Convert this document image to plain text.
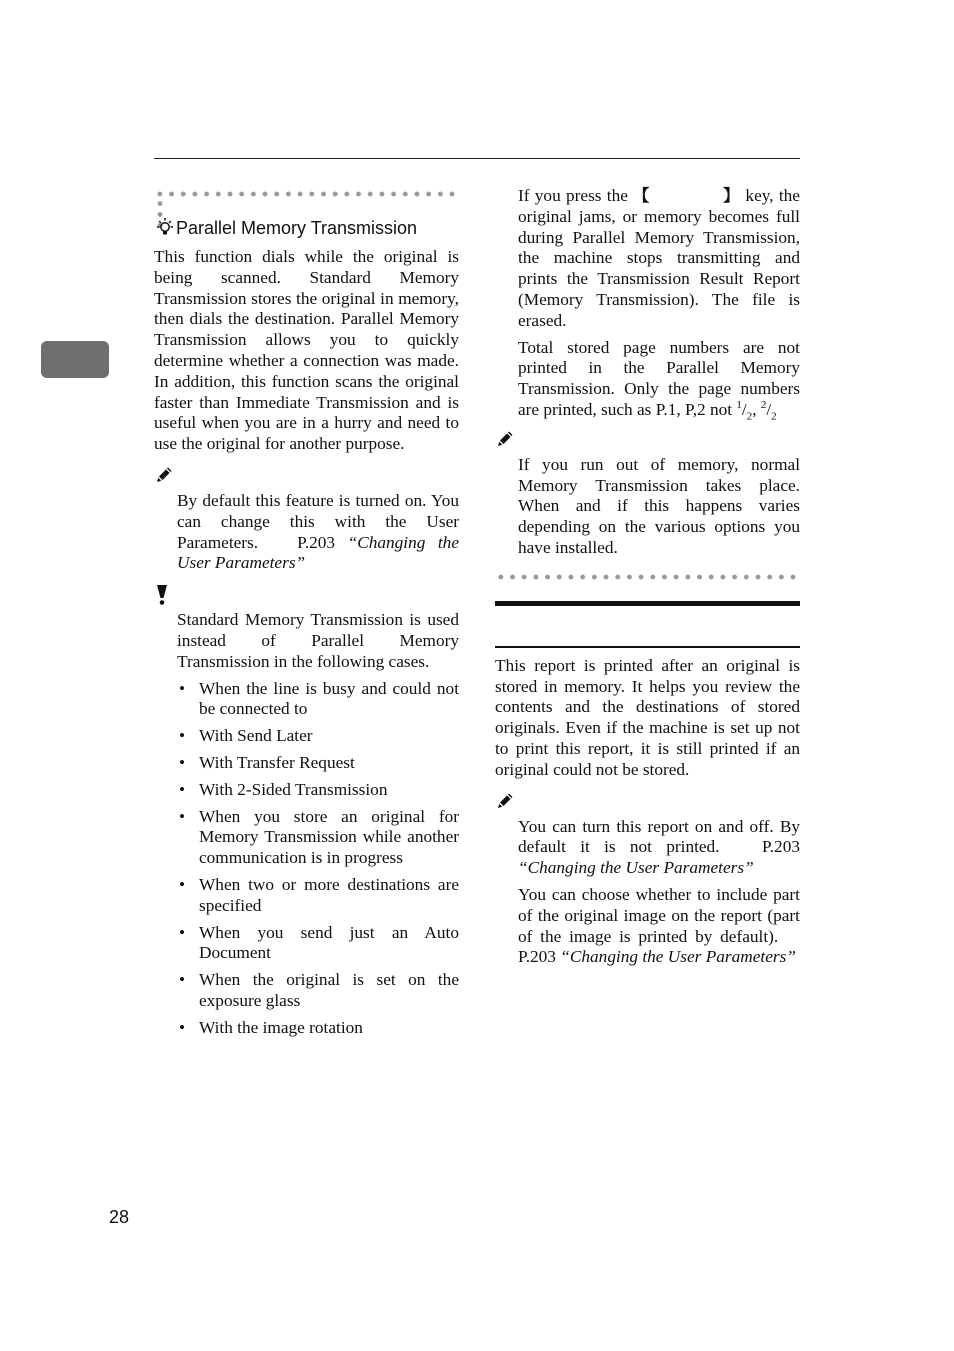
Parallel Memory Transmission

This function dials while the original is being scanned. Standard Memory Transmission stores the original in memory, then dials the destination. Parallel Memory Transmission allows you to quickly determine whether a connection was made. In addition, this function scans the original faster than Immediate Transmission and is useful when you are in a hurry and need to use the original for another purpose.

By default this feature is turned on. You can change this with the User Parameters. P.203 “Changing the User Parameters”

Standard Memory Transmission is used instead of Parallel Memory Transmission in the following cases.

• When the line is busy and could not be connected to
• With Send Later
• With Transfer Request
• With 2-Sided Transmission
• When you store an original for Memory Transmission while another communication is in progress
• When two or more destinations are specified
• When you send just an Auto Document
• When the original is set on the exposure glass
• With the image rotation

If you press the 【	】 key, the original jams, or memory becomes full during Parallel Memory Transmission, the machine stops transmitting and prints the Transmission Result Report (Memory Transmission). The file is erased.

Total stored page numbers are not printed in the Parallel Memory Transmission. Only the page numbers are printed, such as P.1, P,2 not $^1/_2$, $^2/_2$

If you run out of memory, normal Memory Transmission takes place. When and if this happens varies depending on the various options you have installed.

This report is printed after an original is stored in memory. It helps you review the contents and the destinations of stored originals. Even if the machine is set up not to print this report, it is still printed if an original could not be stored.

You can turn this report on and off. By default it is not printed. P.203 “Changing the User Parameters”

You can choose whether to include part of the original image on the report (part of the image is printed by default).  P.203 “Changing the User Parameters”

28
